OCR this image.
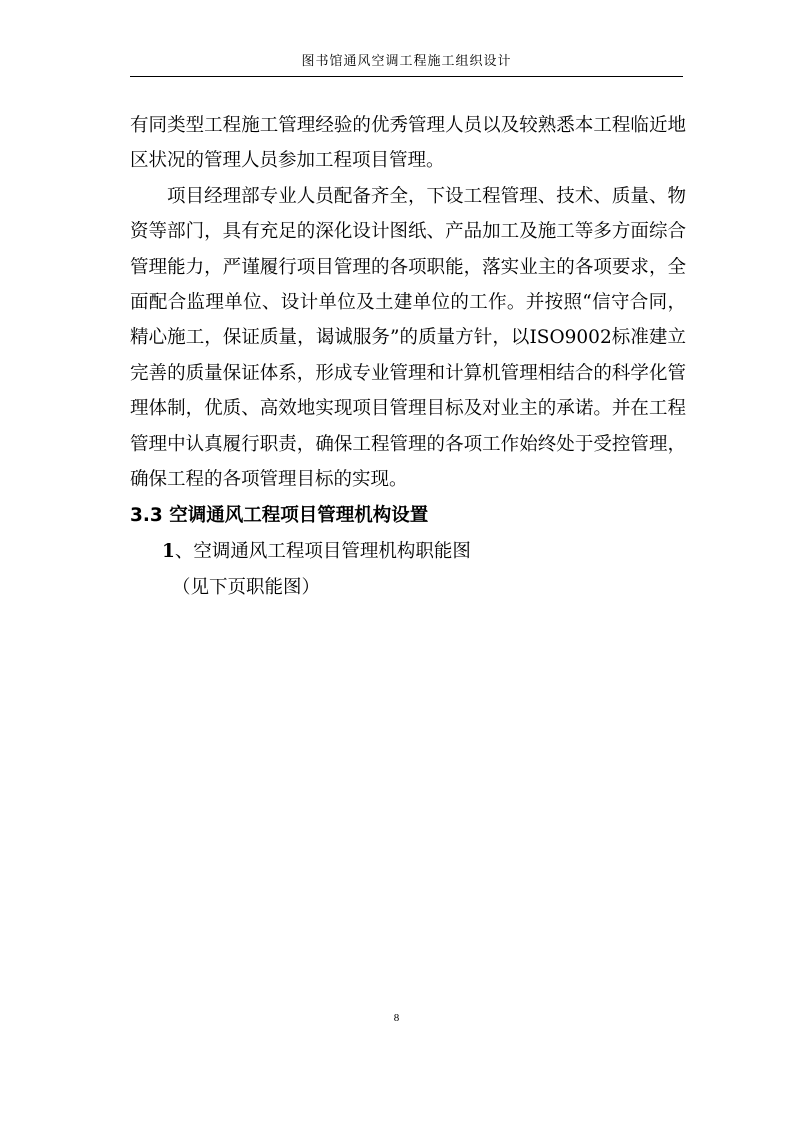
图书馆通风空调工程施工组织设计

有同类型工程施工管理经验的优秀管理人员以及较熟悉本工程临近地区状况的管理人员参加工程项目管理。

项目经理部专业人员配备齐全，下设工程管理、技术、质量、物资等部门，具有充足的深化设计图纸、产品加工及施工等多方面综合管理能力，严谨履行项目管理的各项职能，落实业主的各项要求，全面配合监理单位、设计单位及土建单位的工作。并按照“信守合同，精心施工，保证质量，谒诚服务”的质量方针，以ISO9002标准建立完善的质量保证体系，形成专业管理和计算机管理相结合的科学化管理体制，优质、高效地实现项目管理目标及对业主的承诺。并在工程管理中认真履行职责，确保工程管理的各项工作始终处于受控管理，确保工程的各项管理目标的实现。

3.3 空调通风工程项目管理机构设置
1、空调通风工程项目管理机构职能图
（见下页职能图）
8
